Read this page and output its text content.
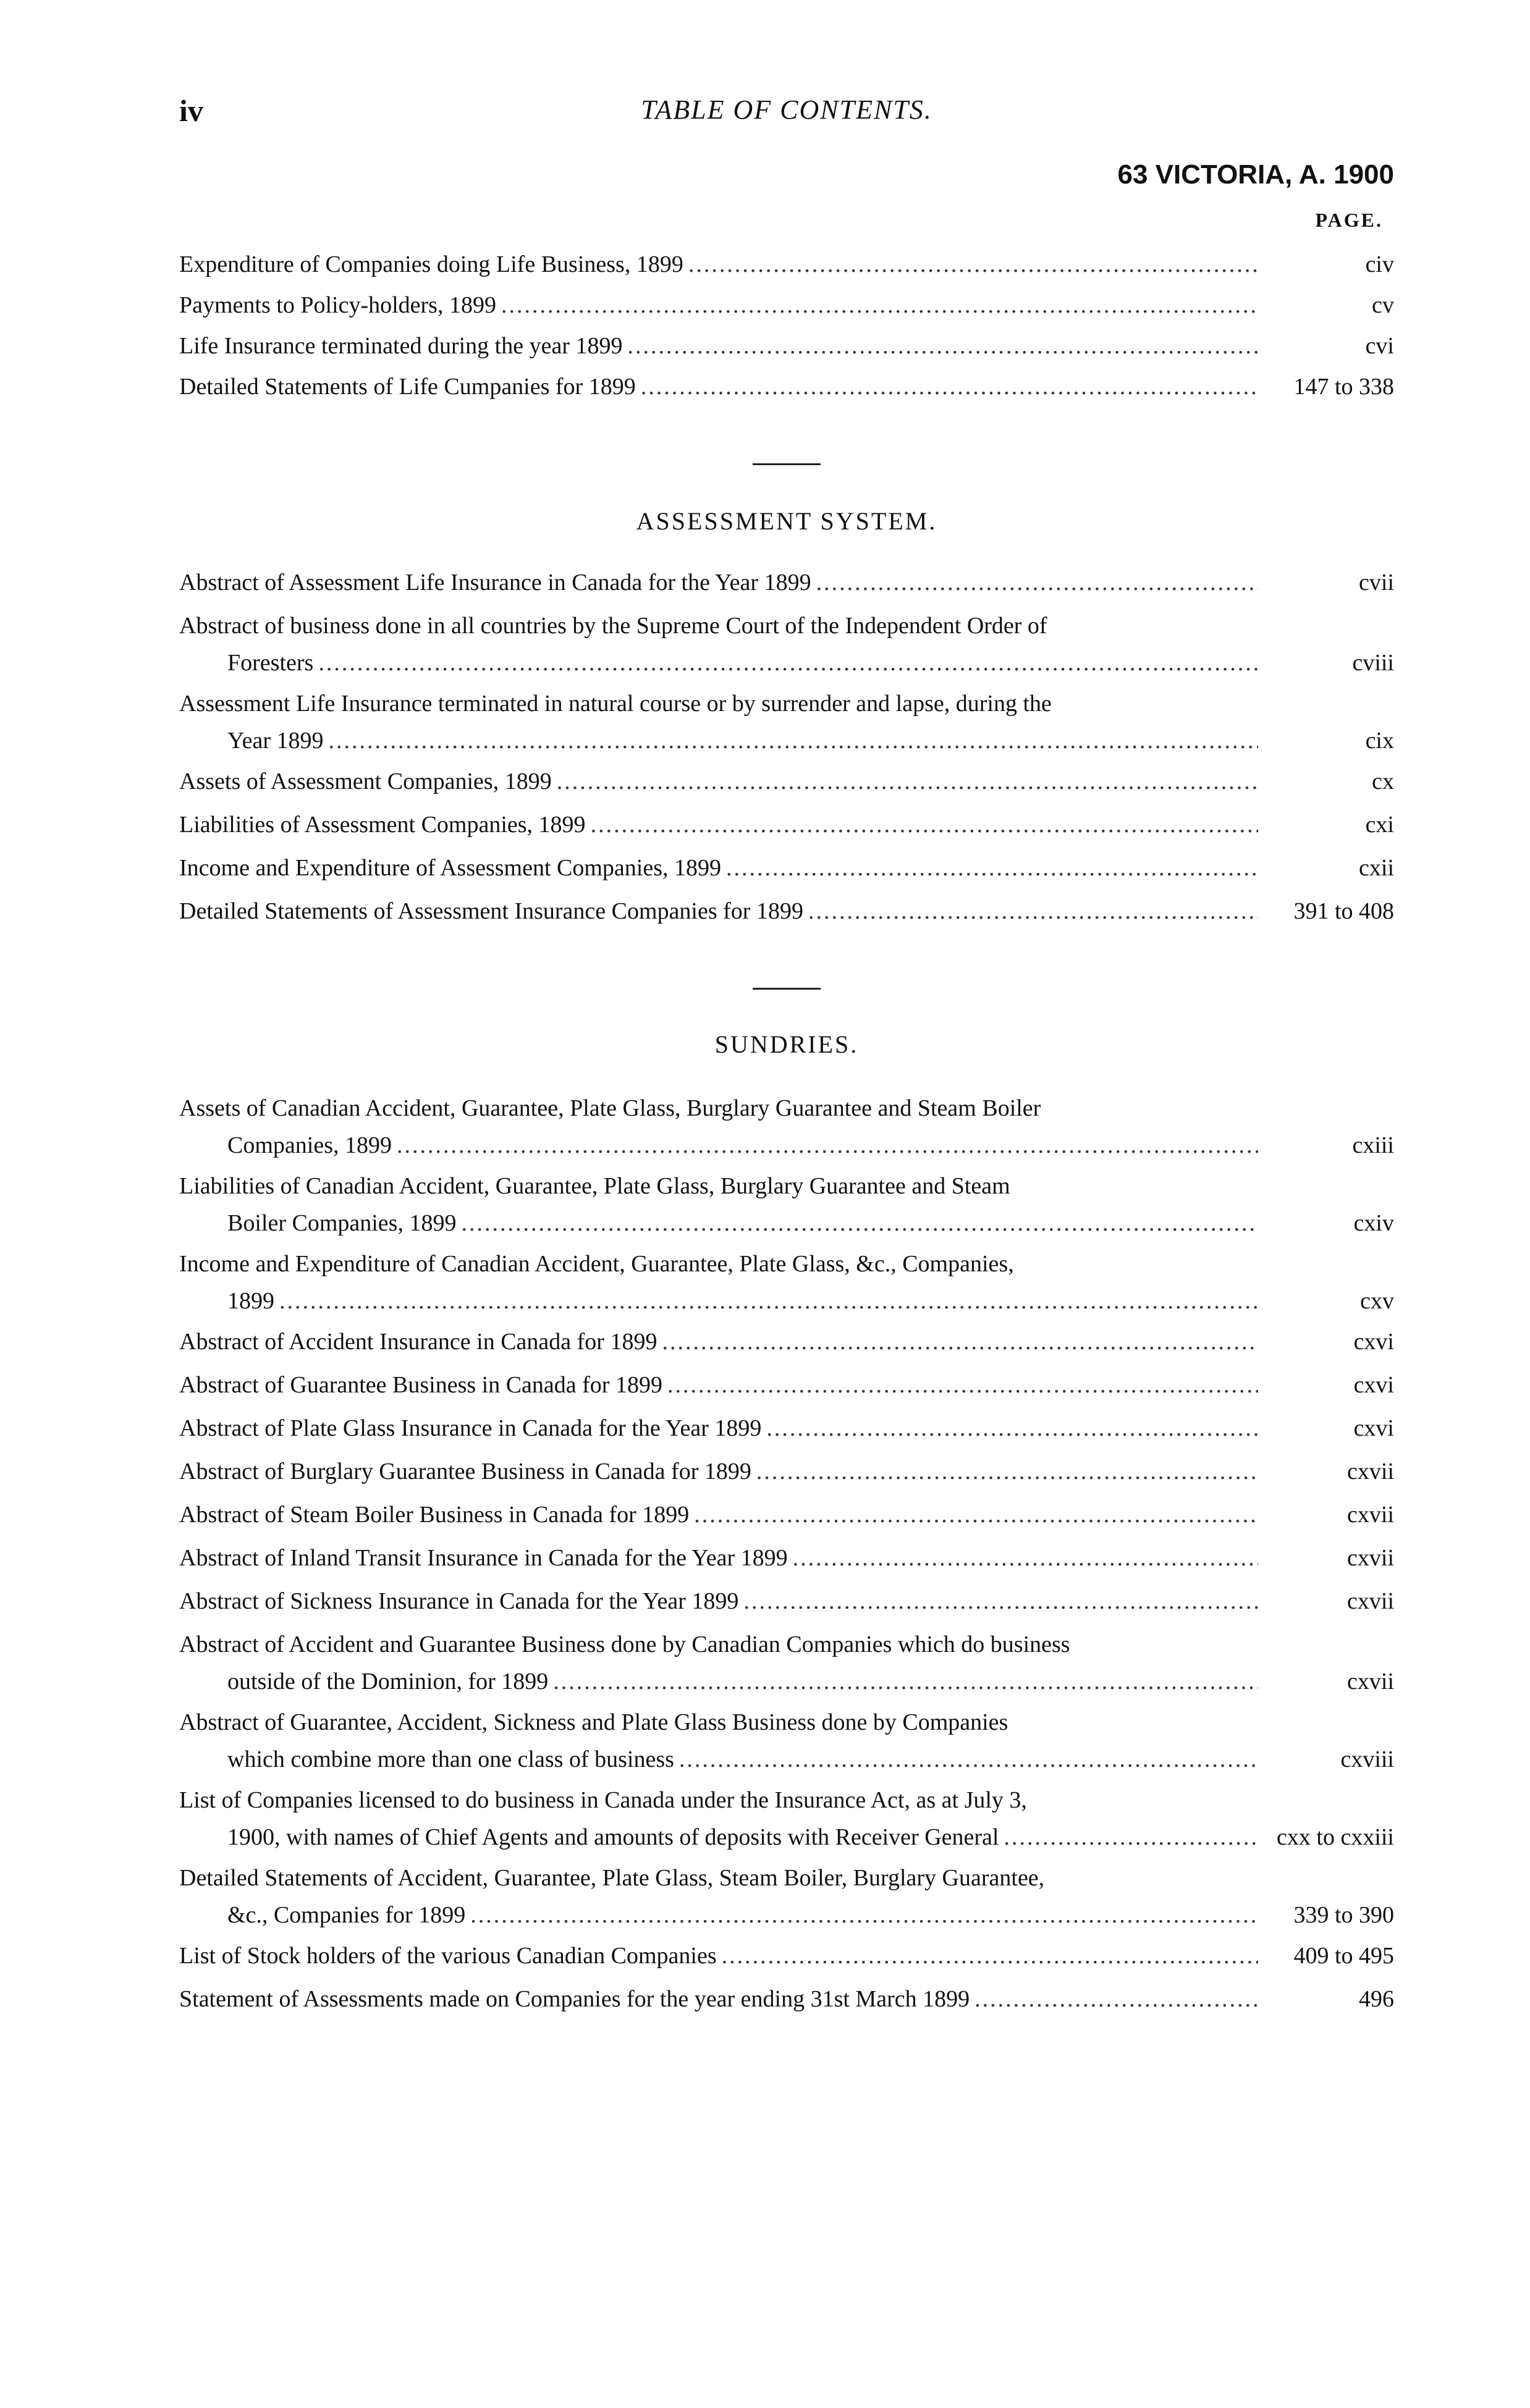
iv	TABLE OF CONTENTS.
63 VICTORIA, A. 1900
PAGE.
Expenditure of Companies doing Life Business, 1899 .....	civ
Payments to Policy-holders, 1899 .....	cv
Life Insurance terminated during the year 1899 .....	cvi
Detailed Statements of Life Cumpanies for 1899 .....	147 to 338
ASSESSMENT SYSTEM.
Abstract of Assessment Life Insurance in Canada for the Year 1899 .....	cvii
Abstract of business done in all countries by the Supreme Court of the Independent Order of
Foresters .....	cviii
Assessment Life Insurance terminated in natural course or by surrender and lapse, during the
Year 1899 .....	cix
Assets of Assessment Companies, 1899 .....	cx
Liabilities of Assessment Companies, 1899 .....	cxi
Income and Expenditure of Assessment Companies, 1899 .....	cxii
Detailed Statements of Assessment Insurance Companies for 1899 .....	391 to 408
SUNDRIES.
Assets of Canadian Accident, Guarantee, Plate Glass, Burglary Guarantee and Steam Boiler
Companies, 1899 .....	cxiii
Liabilities of Canadian Accident, Guarantee, Plate Glass, Burglary Guarantee and Steam
Boiler Companies, 1899 .....	cxiv
Income and Expenditure of Canadian Accident, Guarantee, Plate Glass, &c., Companies,
1899 .....	cxv
Abstract of Accident Insurance in Canada for 1899 .....	cxvi
Abstract of Guarantee Business in Canada for 1899 .....	cxvi
Abstract of Plate Glass Insurance in Canada for the Year 1899 .....	cxvi
Abstract of Burglary Guarantee Business in Canada for 1899 .....	cxvii
Abstract of Steam Boiler Business in Canada for 1899 .....	cxvii
Abstract of Inland Transit Insurance in Canada for the Year 1899 .....	cxvii
Abstract of Sickness Insurance in Canada for the Year 1899 .....	cxvii
Abstract of Accident and Guarantee Business done by Canadian Companies which do business
outside of the Dominion, for 1899 .....	cxvii
Abstract of Guarantee, Accident, Sickness and Plate Glass Business done by Companies
which combine more than one class of business .....	cxviii
List of Companies licensed to do business in Canada under the Insurance Act, as at July 3,
1900, with names of Chief Agents and amounts of deposits with Receiver General .....	cxx to cxxiii
Detailed Statements of Accident, Guarantee, Plate Glass, Steam Boiler, Burglary Guarantee,
&c., Companies for 1899 .....	339 to 390
List of Stock holders of the various Canadian Companies .....	409 to 495
Statement of Assessments made on Companies for the year ending 31st March 1899 .....	496
